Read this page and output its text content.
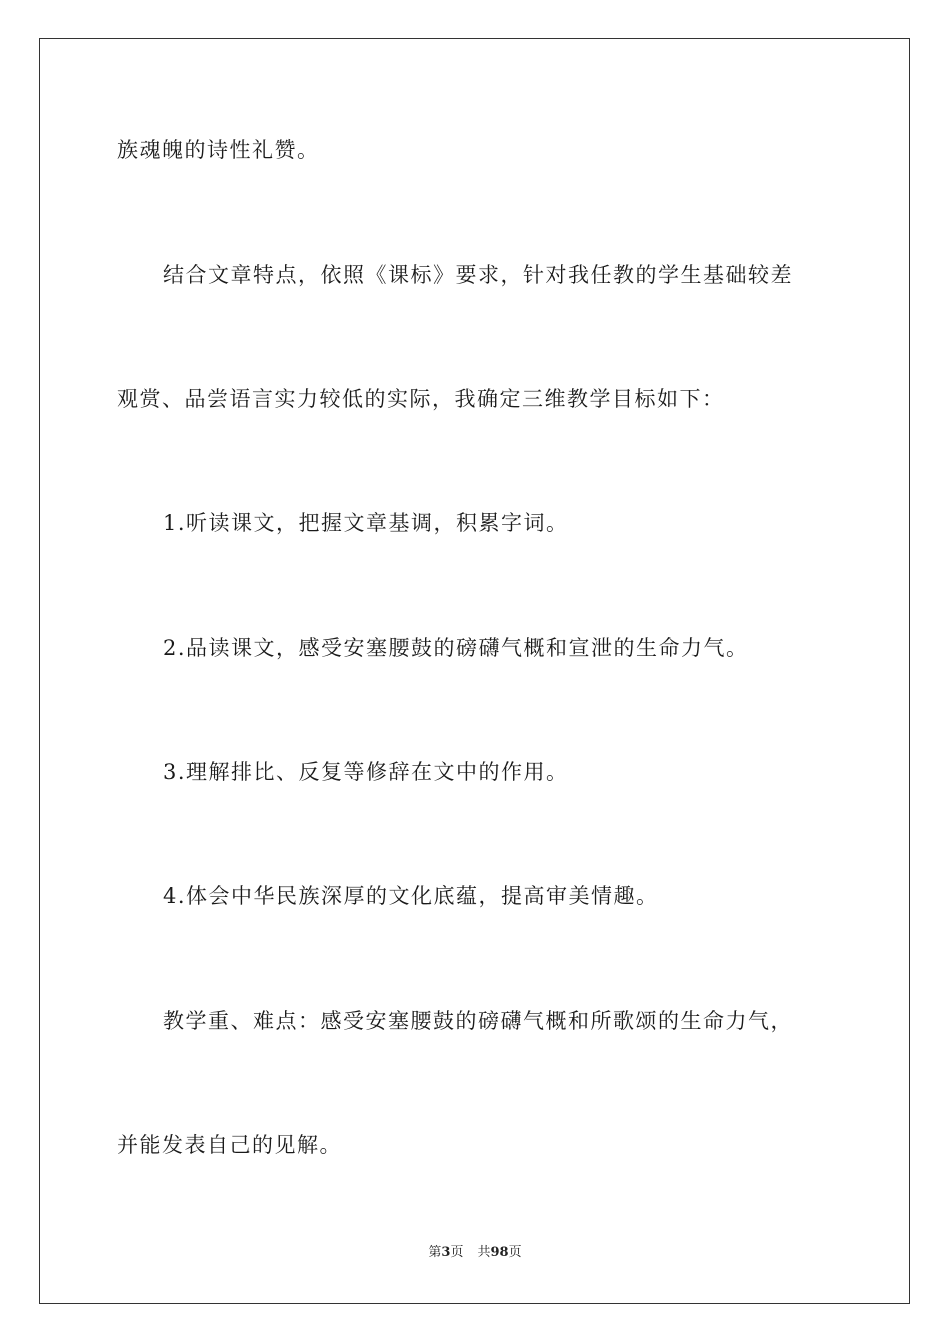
族魂魄的诗性礼赞。
结合文章特点，依照《课标》要求，针对我任教的学生基础较差
观赏、品尝语言实力较低的实际，我确定三维教学目标如下：
1.听读课文，把握文章基调，积累字词。
2.品读课文，感受安塞腰鼓的磅礴气概和宣泄的生命力气。
3.理解排比、反复等修辞在文中的作用。
4.体会中华民族深厚的文化底蕴，提高审美情趣。
教学重、难点：感受安塞腰鼓的磅礴气概和所歌颂的生命力气，
并能发表自己的见解。
第3页 共98页
